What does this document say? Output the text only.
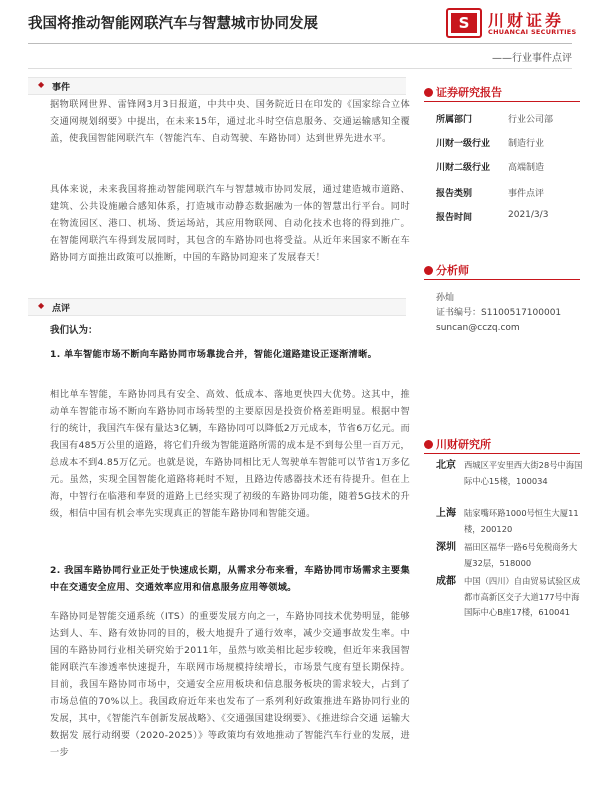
我国将推动智能网联汽车与智慧城市协同发展	S 川财证券
CHUANCAI SECURITIES
——行业事件点评
◆ 事件
据物联网世界、雷锋网3月3日报道，中共中央、国务院近日在印发的《国家综合立体交通网规划纲要》中提出，在未来15年，通过北斗时空信息服务、交通运输感知全覆盖，使我国智能网联汽车（智能汽车、自动驾驶、车路协同）达到世界先进水平。
具体来说，未来我国将推动智能网联汽车与智慧城市协同发展，通过建造城市道路、建筑、公共设施融合感知体系，打造城市动静态数据融为一体的智慧出行平台。同时在物流园区、港口、机场、货运场站，其应用物联网、自动化技术也将的得到推广。在智能网联汽车得到发展同时，其包含的车路协同也将受益。从近年来国家不断在车路协同方面推出政策可以推断，中国的车路协同迎来了发展春天！
◆ 点评
我们认为：
1. 单车智能市场不断向车路协同市场靠拢合并，智能化道路建设正逐渐清晰。
相比单车智能，车路协同具有安全、高效、低成本、落地更快四大优势。这其中，推动单车智能市场不断向车路协同市场转型的主要原因是投资价格差距明显。根据中智行的统计，我国汽车保有量达3亿辆，车路协同可以降低2万元成本，节省6万亿元。而我国有485万公里的道路，将它们升级为智能道路所需的成本是不到每公里一百万元，总成本不到4.85万亿元。也就是说，车路协同相比无人驾驶单车智能可以节省1万多亿元。虽然，实现全国智能化道路将耗时不短，且路边传感器技术还有待提升。但在上海，中智行在临港和奉贤的道路上已经实现了初级的车路协同功能，随着5G技术的升级，相信中国有机会率先实现真正的智能车路协同和智能交通。
2. 我国车路协同行业正处于快速成长期，从需求分布来看，车路协同市场需求主要集中在交通安全应用、交通效率应用和信息服务应用等领域。
车路协同是智能交通系统（ITS）的重要发展方向之一，车路协同技术优势明显，能够达到人、车、路有效协同的目的，极大地提升了通行效率，减少交通事故发生率。中国的车路协同行业相关研究始于2011年，虽然与欧美相比起步较晚，但近年来我国智能网联汽车渗透率快速提升，车联网市场规模持续增长，市场景气度有望长期保持。目前，我国车路协同市场中，交通安全应用板块和信息服务板块的需求较大，占到了市场总值的70%以上。我国政府近年来也发布了一系列利好政策推进车路协同行业的发展，其中，《智能汽车创新发展战略》、《交通强国建设纲要》、《推进综合交通 运输大数据发 展行动纲要（2020-2025）》等政策均有效地推动了智能汽车行业的发展，进一步
证券研究报告
所属部门	行业公司部
川财一级行业 制造行业
川财二级行业 高端制造
报告类别	事件点评
报告时间	2021/3/3
分析师
孙灿
证书编号：S1100517100001
suncan@cczq.com
川财研究所
北京 西城区平安里西大街28号中海国际中心15楼，100034
上海 陆家嘴环路1000号恒生大厦11楼，200120
深圳 福田区福华一路6号免税商务大厦32层，518000
成都 中国（四川）自由贸易试验区成都市高新区交子大道177号中海国际中心B座17楼，610041
